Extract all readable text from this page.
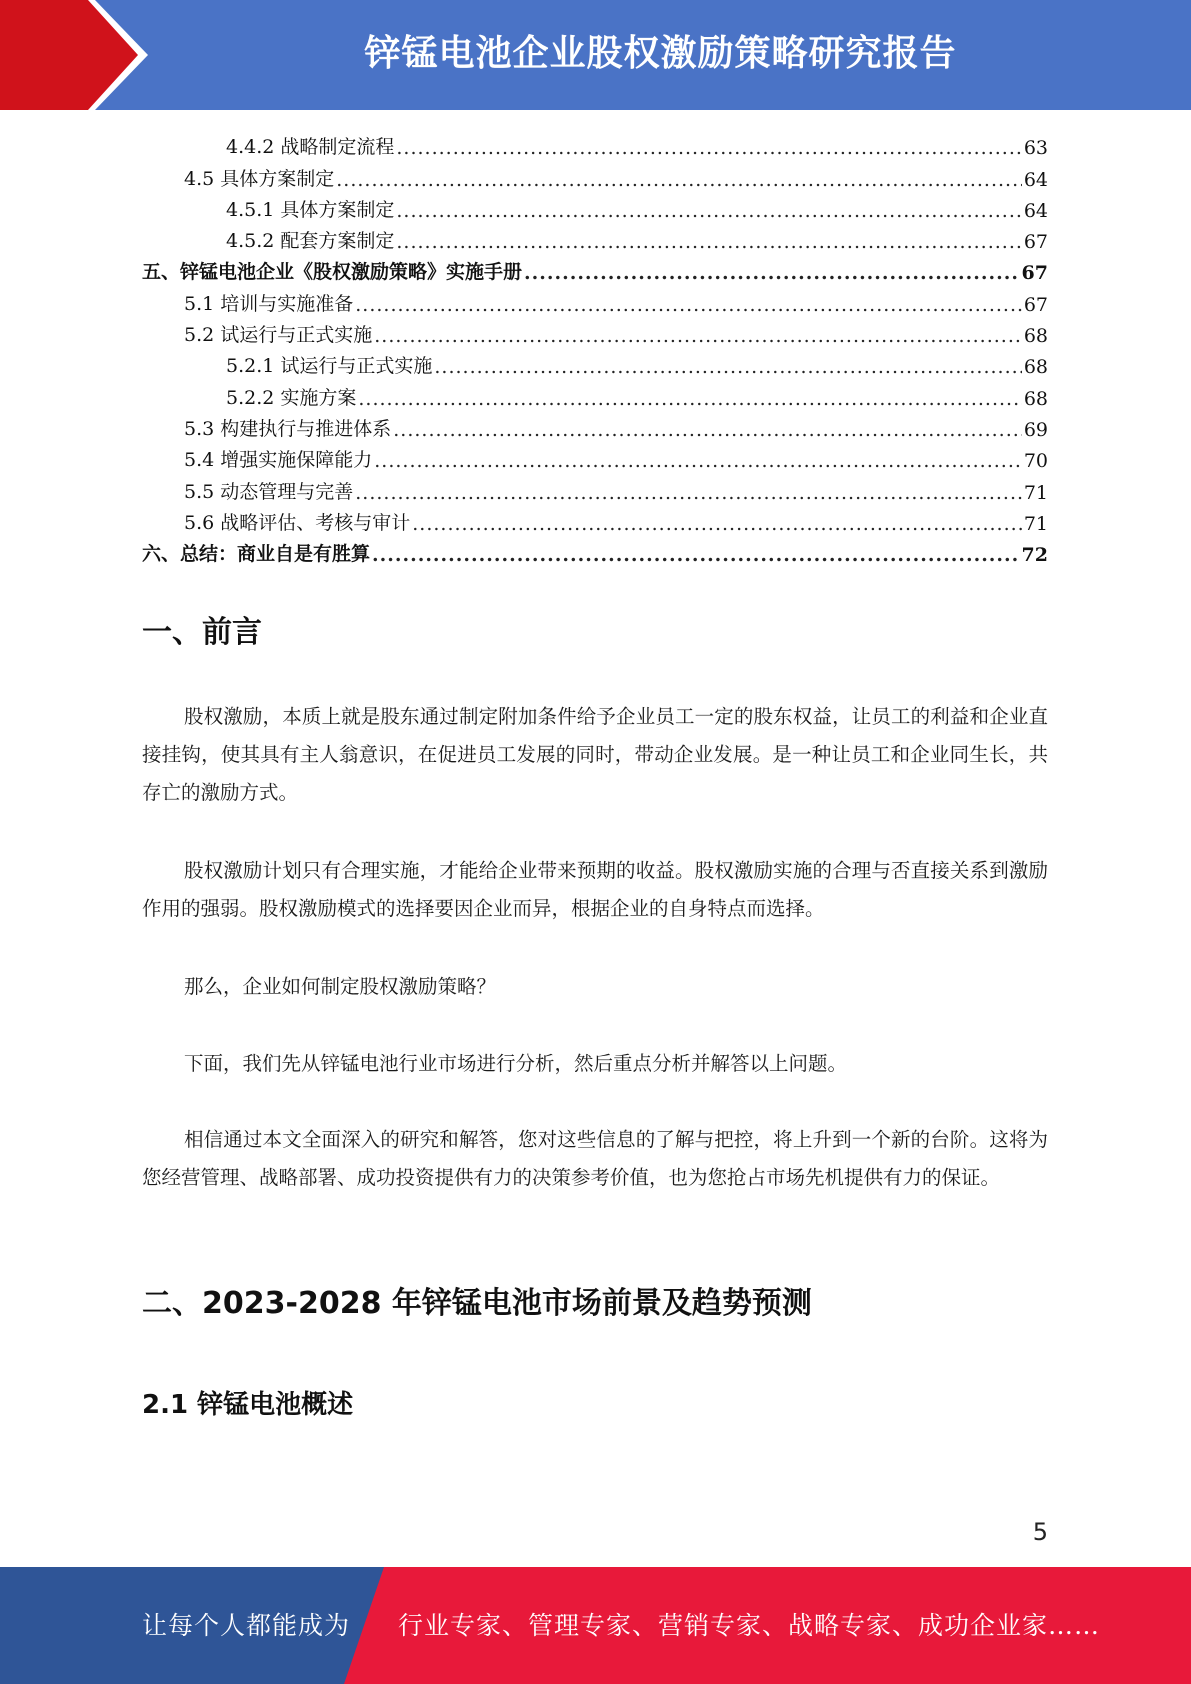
锌锰电池企业股权激励策略研究报告
4.4.2 战略制定流程 .....	63
4.5 具体方案制定 .....	64
4.5.1 具体方案制定 .....	64
4.5.2 配套方案制定 .....	67
五、锌锰电池企业《股权激励策略》实施手册 .....	67
5.1 培训与实施准备 .....	67
5.2 试运行与正式实施 .....	68
5.2.1 试运行与正式实施 .....	68
5.2.2 实施方案 .....	68
5.3 构建执行与推进体系 .....	69
5.4 增强实施保障能力 .....	70
5.5 动态管理与完善 .....	71
5.6 战略评估、考核与审计 .....	71
六、总结：商业自是有胜算 .....	72
一、前言
股权激励，本质上就是股东通过制定附加条件给予企业员工一定的股东权益，让员工的利益和企业直接挂钩，使其具有主人翁意识，在促进员工发展的同时，带动企业发展。是一种让员工和企业同生长，共存亡的激励方式。
股权激励计划只有合理实施，才能给企业带来预期的收益。股权激励实施的合理与否直接关系到激励作用的强弱。股权激励模式的选择要因企业而异，根据企业的自身特点而选择。
那么，企业如何制定股权激励策略？
下面，我们先从锌锰电池行业市场进行分析，然后重点分析并解答以上问题。
相信通过本文全面深入的研究和解答，您对这些信息的了解与把控，将上升到一个新的台阶。这将为您经营管理、战略部署、成功投资提供有力的决策参考价值，也为您抢占市场先机提供有力的保证。
二、2023-2028 年锌锰电池市场前景及趋势预测
2.1 锌锰电池概述
5
让每个人都能成为 行业专家、管理专家、营销专家、战略专家、成功企业家……
